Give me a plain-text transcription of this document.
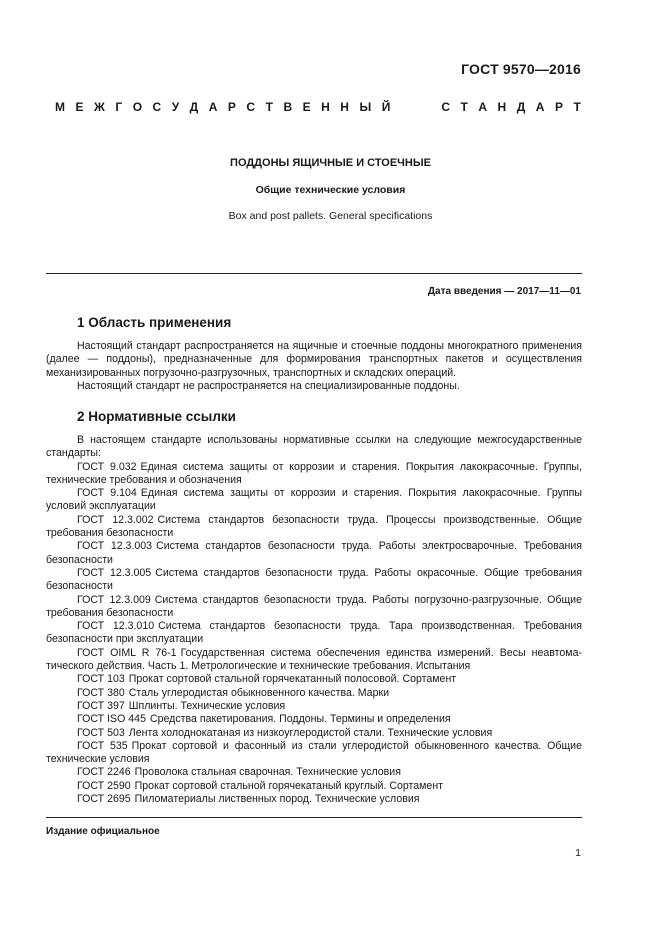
ГОСТ 9570—2016
М Е Ж Г О С У Д А Р С Т В Е Н Н Ы Й	С Т А Н Д А Р Т
ПОДДОНЫ ЯЩИЧНЫЕ И СТОЕЧНЫЕ
Общие технические условия
Box and post pallets. General specifications
Дата введения — 2017—11—01
1 Область применения

Настоящий стандарт распространяется на ящичные и стоечные поддоны многократного применения (далее — поддоны), предназначенные для формирования транспортных пакетов и осуществления механизированных погрузочно-разгрузочных, транспортных и складских операций.

Настоящий стандарт не распространяется на специализированные поддоны.

2 Нормативные ссылки

В настоящем стандарте использованы нормативные ссылки на следующие межгосударственные стандарты:

ГОСТ 9.032 Единая система защиты от коррозии и старения. Покрытия лакокрасочные. Группы, технические требования и обозначения

ГОСТ 9.104 Единая система защиты от коррозии и старения. Покрытия лакокрасочные. Группы условий эксплуатации

ГОСТ 12.3.002 Система стандартов безопасности труда. Процессы производственные. Общие требования безопасности

ГОСТ 12.3.003 Система стандартов безопасности труда. Работы электросварочные. Требования безопасности

ГОСТ 12.3.005 Система стандартов безопасности труда. Работы окрасочные. Общие требования безопасности

ГОСТ 12.3.009 Система стандартов безопасности труда. Работы погрузочно-разгрузочные. Общие требования безопасности

ГОСТ 12.3.010 Система стандартов безопасности труда. Тара производственная. Требования безопасности при эксплуатации

ГОСТ OIML R 76-1 Государственная система обеспечения единства измерений. Весы неавтоматического действия. Часть 1. Метрологические и технические требования. Испытания

ГОСТ 103 Прокат сортовой стальной горячекатанный полосовой. Сортамент

ГОСТ 380 Сталь углеродистая обыкновенного качества. Марки

ГОСТ 397 Шплинты. Технические условия

ГОСТ ISO 445 Средства пакетирования. Поддоны. Термины и определения

ГОСТ 503 Лента холоднокатаная из низкоуглеродистой стали. Технические условия

ГОСТ 535 Прокат сортовой и фасонный из стали углеродистой обыкновенного качества. Общие технические условия

ГОСТ 2246 Проволока стальная сварочная. Технические условия

ГОСТ 2590 Прокат сортовой стальной горячекатаный круглый. Сортамент

ГОСТ 2695 Пиломатериалы лиственных пород. Технические условия

Издание официальное
1
